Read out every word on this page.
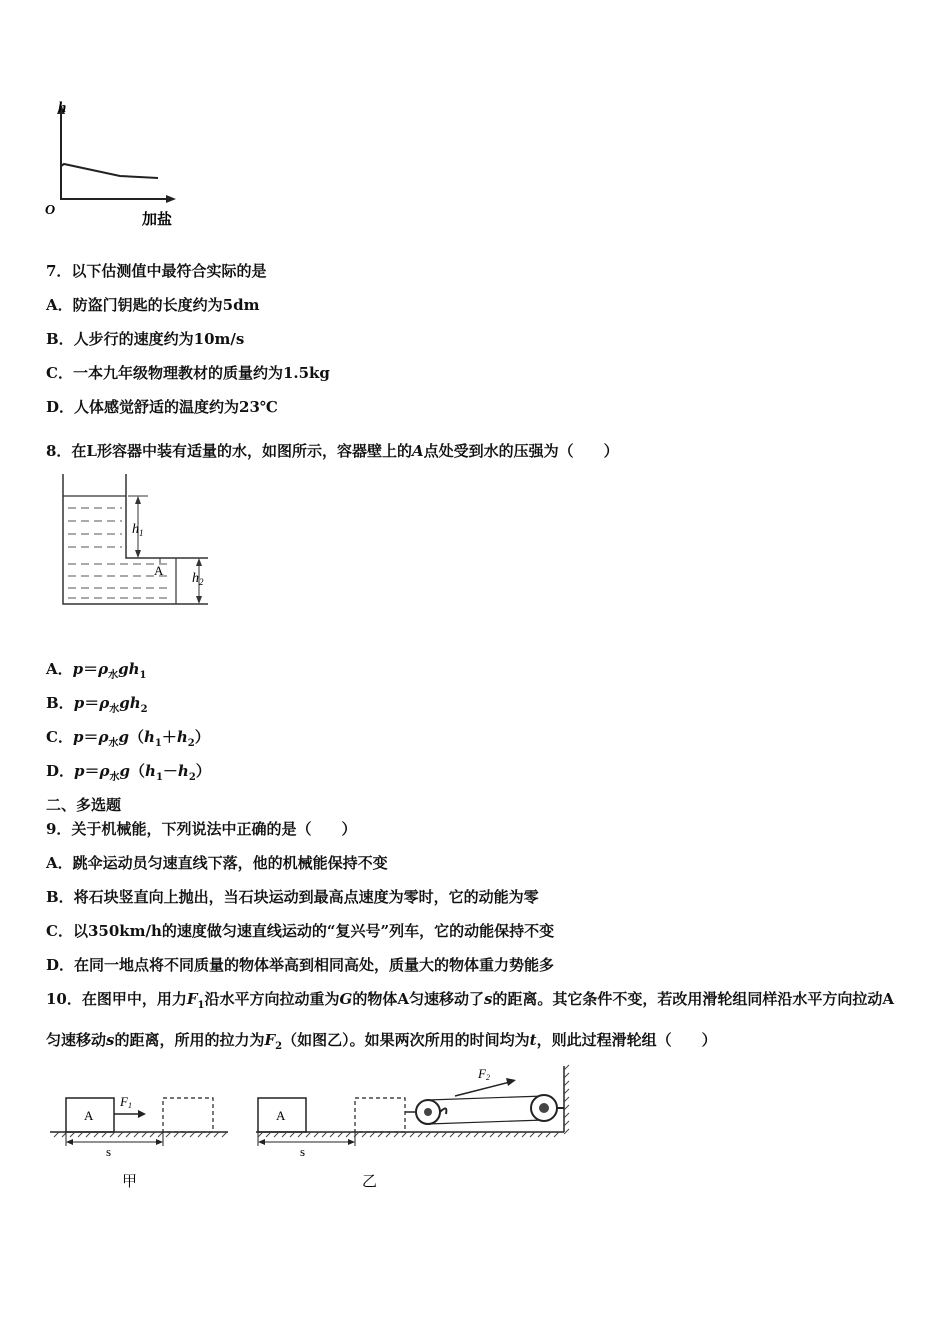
h
O
加盐
7．以下估测值中最符合实际的是
A．防盗门钥匙的长度约为5dm
B．人步行的速度约为10m/s
C．一本九年级物理教材的质量约为1.5kg
D．人体感觉舒适的温度约为23℃
8．在L形容器中装有适量的水，如图所示，容器壁上的A点处受到水的压强为（　　）
$h_1$
A
$h_2$
A．$p=\rho_水gh_1$
B．$p=\rho_水gh_2$
C．$p=\rho_水g(h_1+h_2)$
D．$p=\rho_水g(h_1-h_2)$
二、多选题
9．关于机械能，下列说法中正确的是（　　）
A．跳伞运动员匀速直线下落，他的机械能保持不变
B．将石块竖直向上抛出，当石块运动到最高点速度为零时，它的动能为零
C．以350km/h的速度做匀速直线运动的“复兴号”列车，它的动能保持不变
D．在同一地点将不同质量的物体举高到相同高处，质量大的物体重力势能多
10．在图甲中，用力$F_1$沿水平方向拉动重为G的物体A匀速移动了s的距离。其它条件不变，若改用滑轮组同样沿水平方向拉动A匀速移动s的距离，所用的拉力为$F_2$（如图乙）。如果两次所用的时间均为t，则此过程滑轮组（　　）
A
F1
s
甲
A
F2
s
乙
